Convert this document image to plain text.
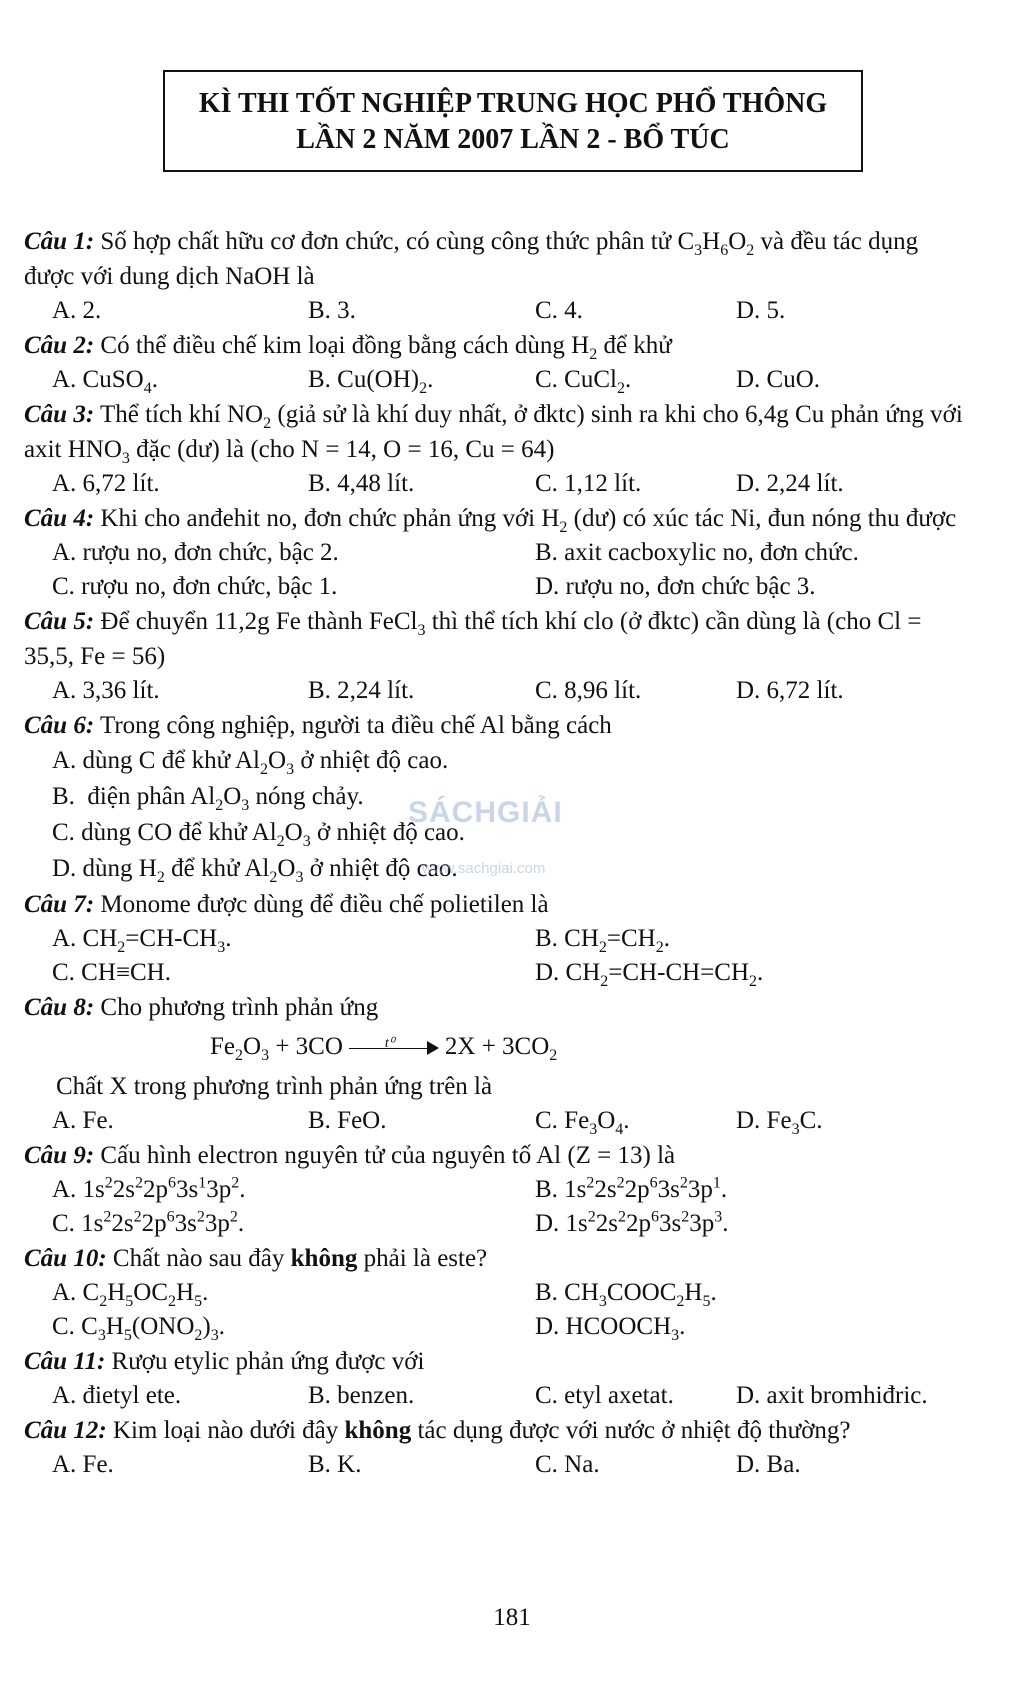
KÌ THI TỐT NGHIỆP TRUNG HỌC PHỔ THÔNG
LẦN 2 NĂM 2007 LẦN 2 - BỔ TÚC

Câu 1: Số hợp chất hữu cơ đơn chức, có cùng công thức phân tử $C_3H_6O_2$ và đều tác dụng được với dung dịch NaOH là

A. 2.	B. 3.	C. 4.	D. 5.

Câu 2: Có thể điều chế kim loại đồng bằng cách dùng $H_2$ để khử

A. CuSO$_4$.	B. $Cu(OH)_2$.	C. CuCl$_2$.	D. CuO.

Câu 3: Thể tích khí $NO_2$ (giả sử là khí duy nhất, ở đktc) sinh ra khi cho 6,4g Cu phản ứng với axit $HNO_3$ đặc (dư) là (cho N = 14, O = 16, Cu = 64)

A. 6,72 lít.	B. 4,48 lít.	C. 1,12 lít.	D. 2,24 lít.

Câu 4: Khi cho anđehit no, đơn chức phản ứng với $H_2$ (dư) có xúc tác Ni, đun nóng thu được

A. rượu no, đơn chức, bậc 2.	B. axit cacboxylic no, đơn chức.
C. rượu no, đơn chức, bậc 1.	D. rượu no, đơn chức bậc 3.

Câu 5: Để chuyển 11,2g Fe thành FeCl$_3$ thì thể tích khí clo (ở đktc) cần dùng là (cho Cl = 35,5, Fe = 56)

A. 3,36 lít.	B. 2,24 lít.	C. 8,96 lít.	D. 6,72 lít.

Câu 6: Trong công nghiệp, người ta điều chế Al bằng cách

A. dùng C để khử $Al_2O_3$ ở nhiệt độ cao.
B.  điện phân $Al_2O_3$ nóng chảy.
C. dùng CO để khử $Al_2O_3$ ở nhiệt độ cao.
D. dùng $H_2$ để khử $Al_2O_3$ ở nhiệt độ cao.

Câu 7: Monome được dùng để điều chế polietilen là

A. $CH_2=CH-CH_3$.	B. $CH_2=CH_2$.
C. CH≡CH.	D. $CH_2=CH-CH=CH_2$.

Câu 8: Cho phương trình phản ứng

$Fe_2O_3 + 3CO$	t⁰ $2X + 3CO_2$

Chất X trong phương trình phản ứng trên là

A. Fe.	B. FeO.	C. $Fe_3O_4$.	D. $Fe_3C$.

Câu 9: Cấu hình electron nguyên tử của nguyên tố Al (Z = 13) là

A. $1s^22s^22p^63s^13p^2$.	B. $1s^22s^22p^63s^23p^1$.
C. $1s^22s^22p^63s^23p^2$.	D. $1s^22s^22p^63s^23p^3$.

Câu 10: Chất nào sau đây không phải là este?

A. $C_2H_5OC_2H_5$.	B. $CH_3COOC_2H_5$.
C. $C_3H_5(ONO_2)_3$.	D. $HCOOCH_3$.

Câu 11: Rượu etylic phản ứng được với

A. đietyl ete.	B. benzen.	C. etyl axetat. D. axit bromhiđric.

Câu 12: Kim loại nào dưới đây không tác dụng được với nước ở nhiệt độ thường?

A. Fe.	B. K.	C. Na.	D. Ba.
SÁCHGIẢI
www.sachgiai.com
181
